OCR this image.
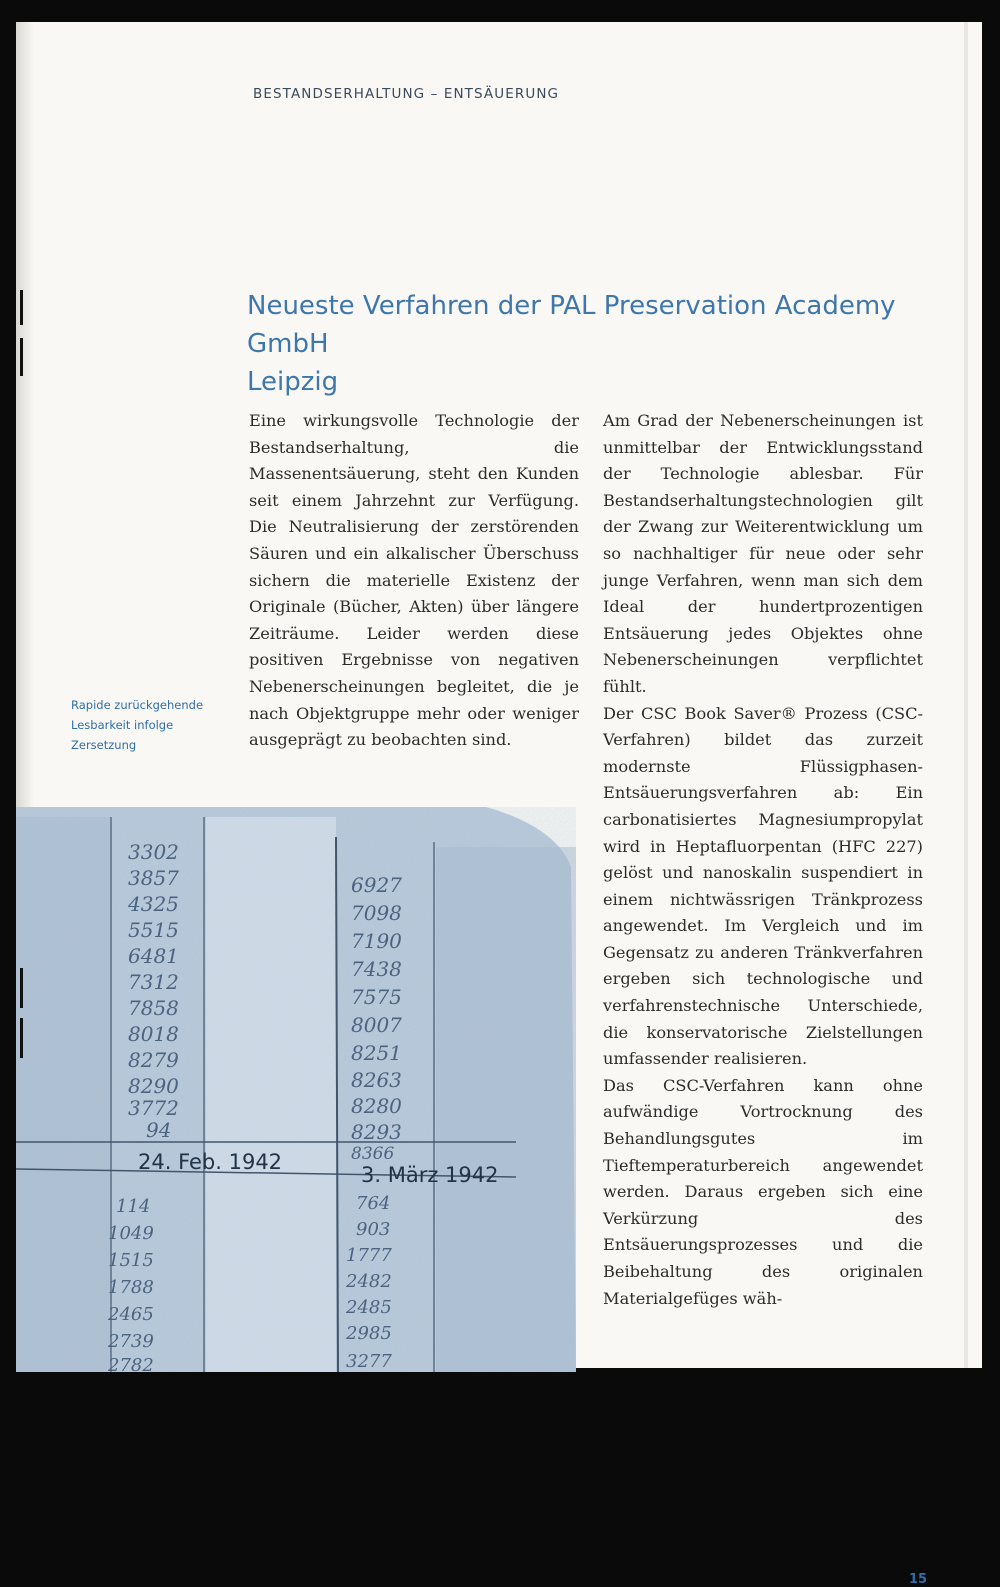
BESTANDSERHALTUNG – ENTSÄUERUNG
Neueste Verfahren der PAL Preservation Academy GmbH
Leipzig

Eine wirkungsvolle Technologie der Bestandserhaltung, die Massenentsäuerung, steht den Kunden seit einem Jahrzehnt zur Verfügung. Die Neutralisierung der zerstörenden Säuren und ein alkalischer Überschuss sichern die materielle Existenz der Originale (Bücher, Akten) über längere Zeiträume. Leider werden diese positiven Ergebnisse von negativen Nebenerscheinungen begleitet, die je nach Objektgruppe mehr oder weniger ausgeprägt zu beobachten sind.

Am Grad der Nebenerscheinungen ist unmittelbar der Entwicklungsstand der Technologie ablesbar. Für Bestandserhaltungstechnologien gilt der Zwang zur Weiterentwicklung um so nachhaltiger für neue oder sehr junge Verfahren, wenn man sich dem Ideal der hundertprozentigen Entsäuerung jedes Objektes ohne Nebenerscheinungen verpflichtet fühlt.

Der CSC Book Saver® Prozess (CSC-Verfahren) bildet das zurzeit modernste Flüssigphasen-Entsäuerungsverfahren ab: Ein carbonatisiertes Magnesiumpropylat wird in Heptafluorpentan (HFC 227) gelöst und nanoskalin suspendiert in einem nichtwässrigen Tränkprozess angewendet. Im Vergleich und im Gegensatz zu anderen Tränkverfahren ergeben sich technologische und verfahrenstechnische Unterschiede, die konservatorische Zielstellungen umfassender realisieren.

Das CSC-Verfahren kann ohne aufwändige Vortrocknung des Behandlungsgutes im Tieftemperaturbereich angewendet werden. Daraus ergeben sich eine Verkürzung des Entsäuerungsprozesses und die Beibehaltung des originalen Materialgefüges wäh-

Rapide zurückgehende Lesbarkeit infolge Zersetzung

3302
3857
4325
5515
6481
7312
7858
8018
8279
8290
3772
94
6927
7098
7190
7438
7575
8007
8251
8263
8280
8293
8366
24. Feb. 1942
3. März 1942
114
1049
1515
1788
2465
2739
2782
764
903
1777
2482
2485
2985
3277

15
